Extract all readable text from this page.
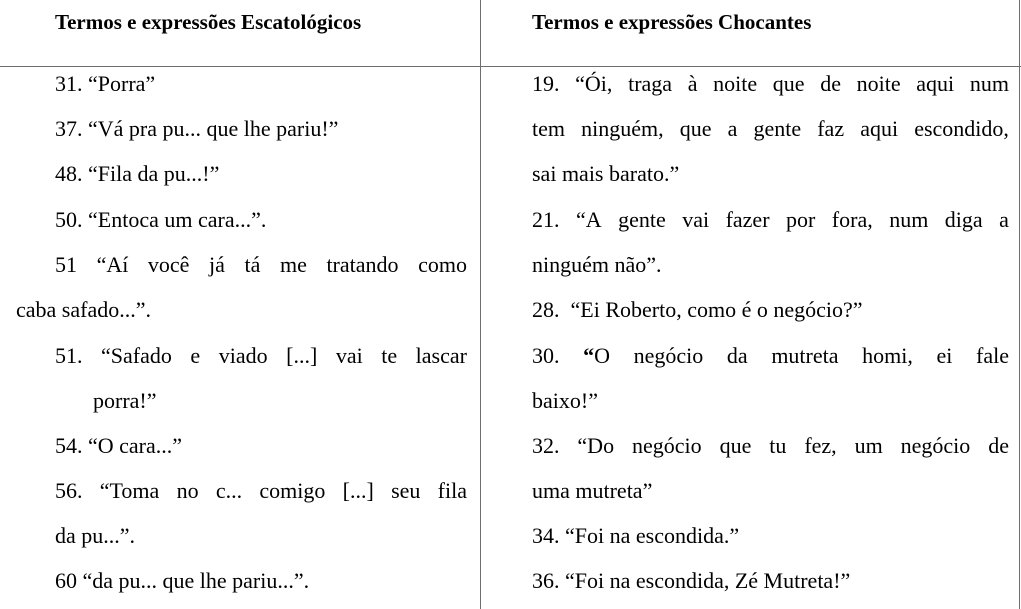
Termos e expressões Escatológicos	Termos e expressões Chocantes
31. “Porra”
37. “Vá pra pu... que lhe pariu!”
48. “Fila da pu...!”
50. “Entoca um cara...”.
51 “Aí você já tá me tratando como
caba safado...”.
51. “Safado e viado [...] vai te lascar
porra!”
54. “O cara...”
56. “Toma no c... comigo [...] seu fila
da pu...”.
60 “da pu... que lhe pariu...”.
19. “Ói, traga à noite que de noite aqui num
tem ninguém, que a gente faz aqui escondido,
sai mais barato.”
21. “A gente vai fazer por fora, num diga a
ninguém não”.
28.  “Ei Roberto, como é o negócio?”
30. “O negócio da mutreta homi, ei fale
baixo!”
32. “Do negócio que tu fez, um negócio de
uma mutreta”
34. “Foi na escondida.”
36. “Foi na escondida, Zé Mutreta!”
